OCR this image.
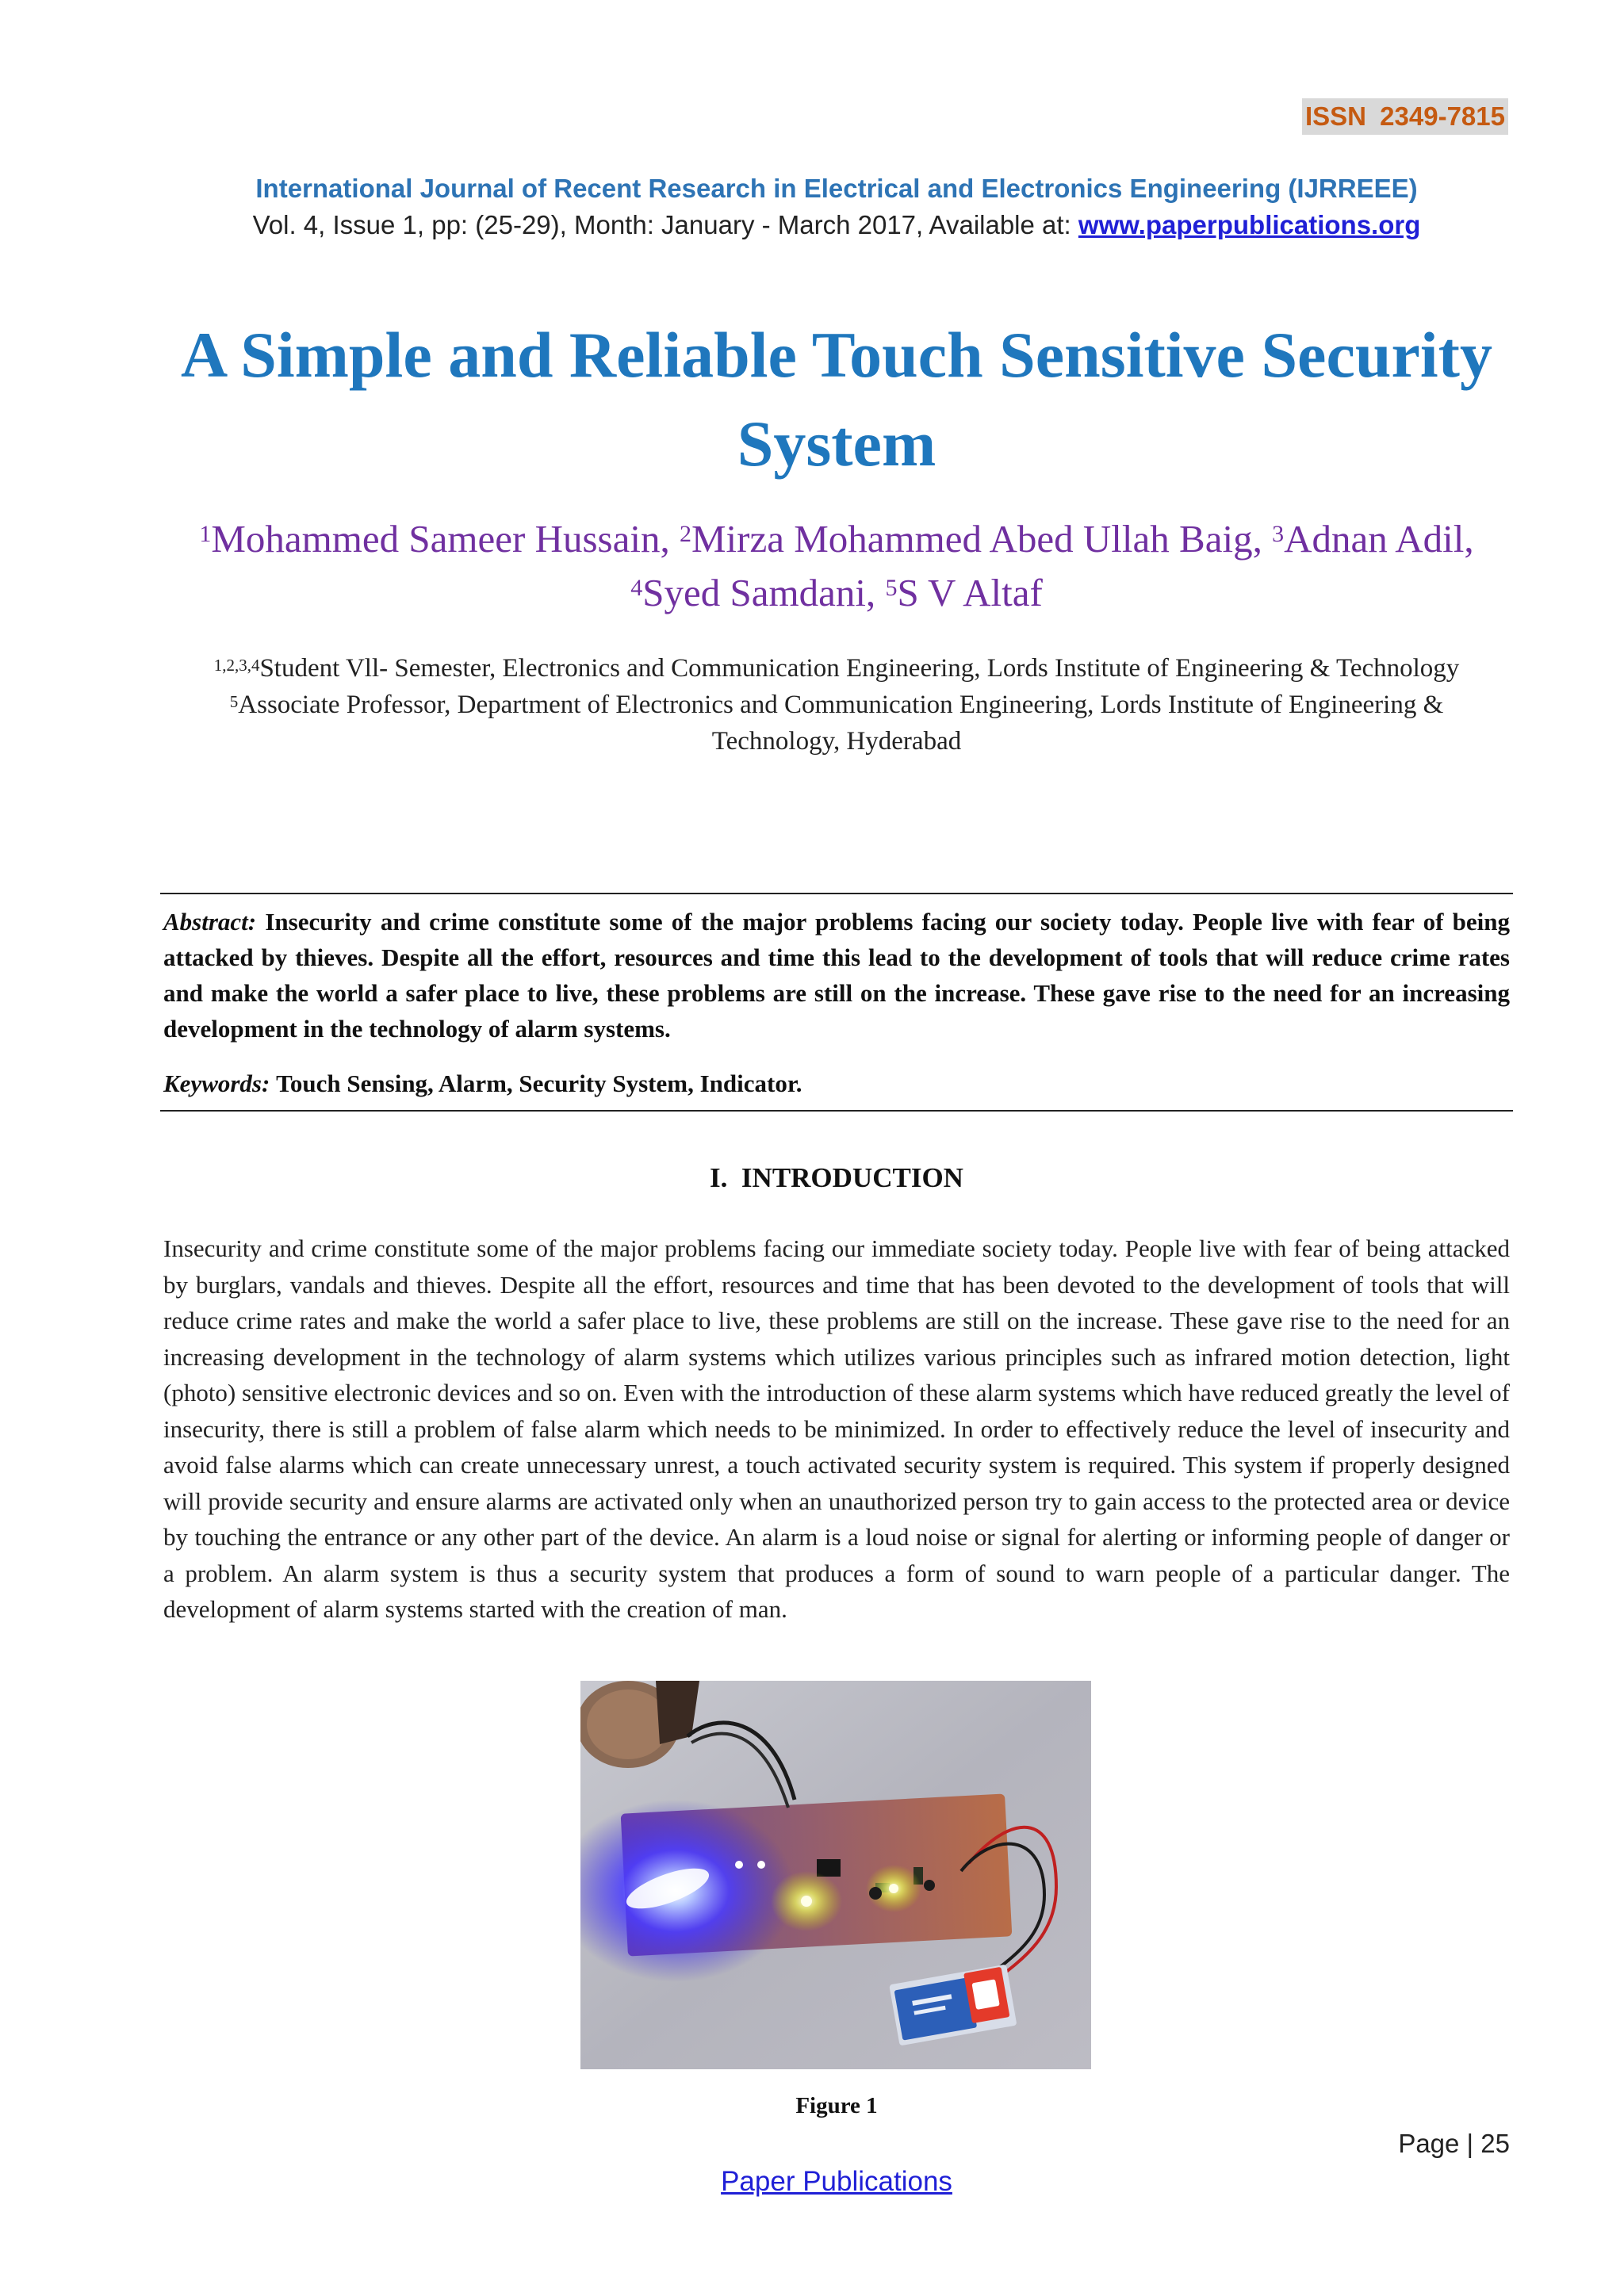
ISSN 2349-7815
International Journal of Recent Research in Electrical and Electronics Engineering (IJRREEE)
Vol. 4, Issue 1, pp: (25-29), Month: January - March 2017, Available at: www.paperpublications.org
A Simple and Reliable Touch Sensitive Security System
$^1$Mohammed Sameer Hussain, $^2$Mirza Mohammed Abed Ullah Baig, $^3$Adnan Adil,
$^4$Syed Samdani, $^5$S V Altaf
$^{1,2,3,4}$Student Vll- Semester, Electronics and Communication Engineering, Lords Institute of Engineering & Technology
$^5$Associate Professor, Department of Electronics and Communication Engineering, Lords Institute of Engineering & Technology, Hyderabad
Abstract: Insecurity and crime constitute some of the major problems facing our society today. People live with fear of being attacked by thieves. Despite all the effort, resources and time this lead to the development of tools that will reduce crime rates and make the world a safer place to live, these problems are still on the increase. These gave rise to the need for an increasing development in the technology of alarm systems.
Keywords: Touch Sensing, Alarm, Security System, Indicator.
I.  INTRODUCTION
Insecurity and crime constitute some of the major problems facing our immediate society today. People live with fear of being attacked by burglars, vandals and thieves. Despite all the effort, resources and time that has been devoted to the development of tools that will reduce crime rates and make the world a safer place to live, these problems are still on the increase. These gave rise to the need for an increasing development in the technology of alarm systems which utilizes various principles such as infrared motion detection, light (photo) sensitive electronic devices and so on. Even with the introduction of these alarm systems which have reduced greatly the level of insecurity, there is still a problem of false alarm which needs to be minimized. In order to effectively reduce the level of insecurity and avoid false alarms which can create unnecessary unrest, a touch activated security system is required. This system if properly designed will provide security and ensure alarms are activated only when an unauthorized person try to gain access to the protected area or device by touching the entrance or any other part of the device. An alarm is a loud noise or signal for alerting or informing people of danger or a problem. An alarm system is thus a security system that produces a form of sound to warn people of a particular danger. The development of alarm systems started with the creation of man.
Figure 1
Page | 25
Paper Publications
